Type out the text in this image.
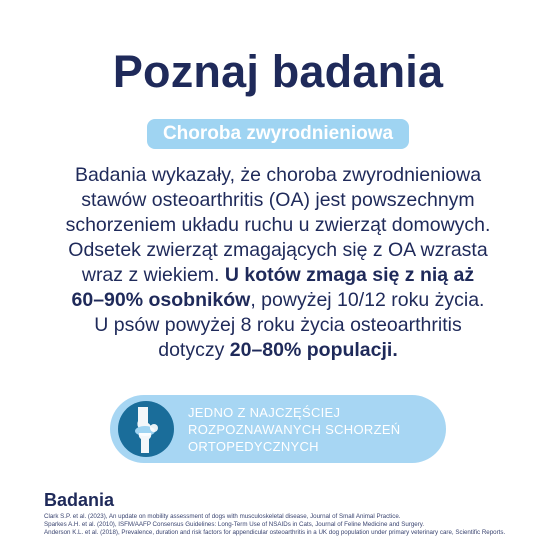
Poznaj badania
Choroba zwyrodnieniowa
Badania wykazały, że choroba zwyrodnieniowa
stawów osteoarthritis (OA) jest powszechnym
schorzeniem układu ruchu u zwierząt domowych.
Odsetek zwierząt zmagających się z OA wzrasta
wraz z wiekiem. U kotów zmaga się z nią aż
60–90% osobników, powyżej 10/12 roku życia.
U psów powyżej 8 roku życia osteoarthritis
dotyczy 20–80% populacji.
JEDNO Z NAJCZĘŚCIEJ
ROZPOZNAWANYCH SCHORZEŃ
ORTOPEDYCZNYCH
Badania
Clark S.P. et al. (2023), An update on mobility assessment of dogs with musculoskeletal disease, Journal of Small Animal Practice.
Sparkes A.H. et al. (2010), ISFM/AAFP Consensus Guidelines: Long-Term Use of NSAIDs in Cats, Journal of Feline Medicine and Surgery.
Anderson K.L. et al. (2018), Prevalence, duration and risk factors for appendicular osteoarthritis in a UK dog population under primary veterinary care, Scientific Reports.
